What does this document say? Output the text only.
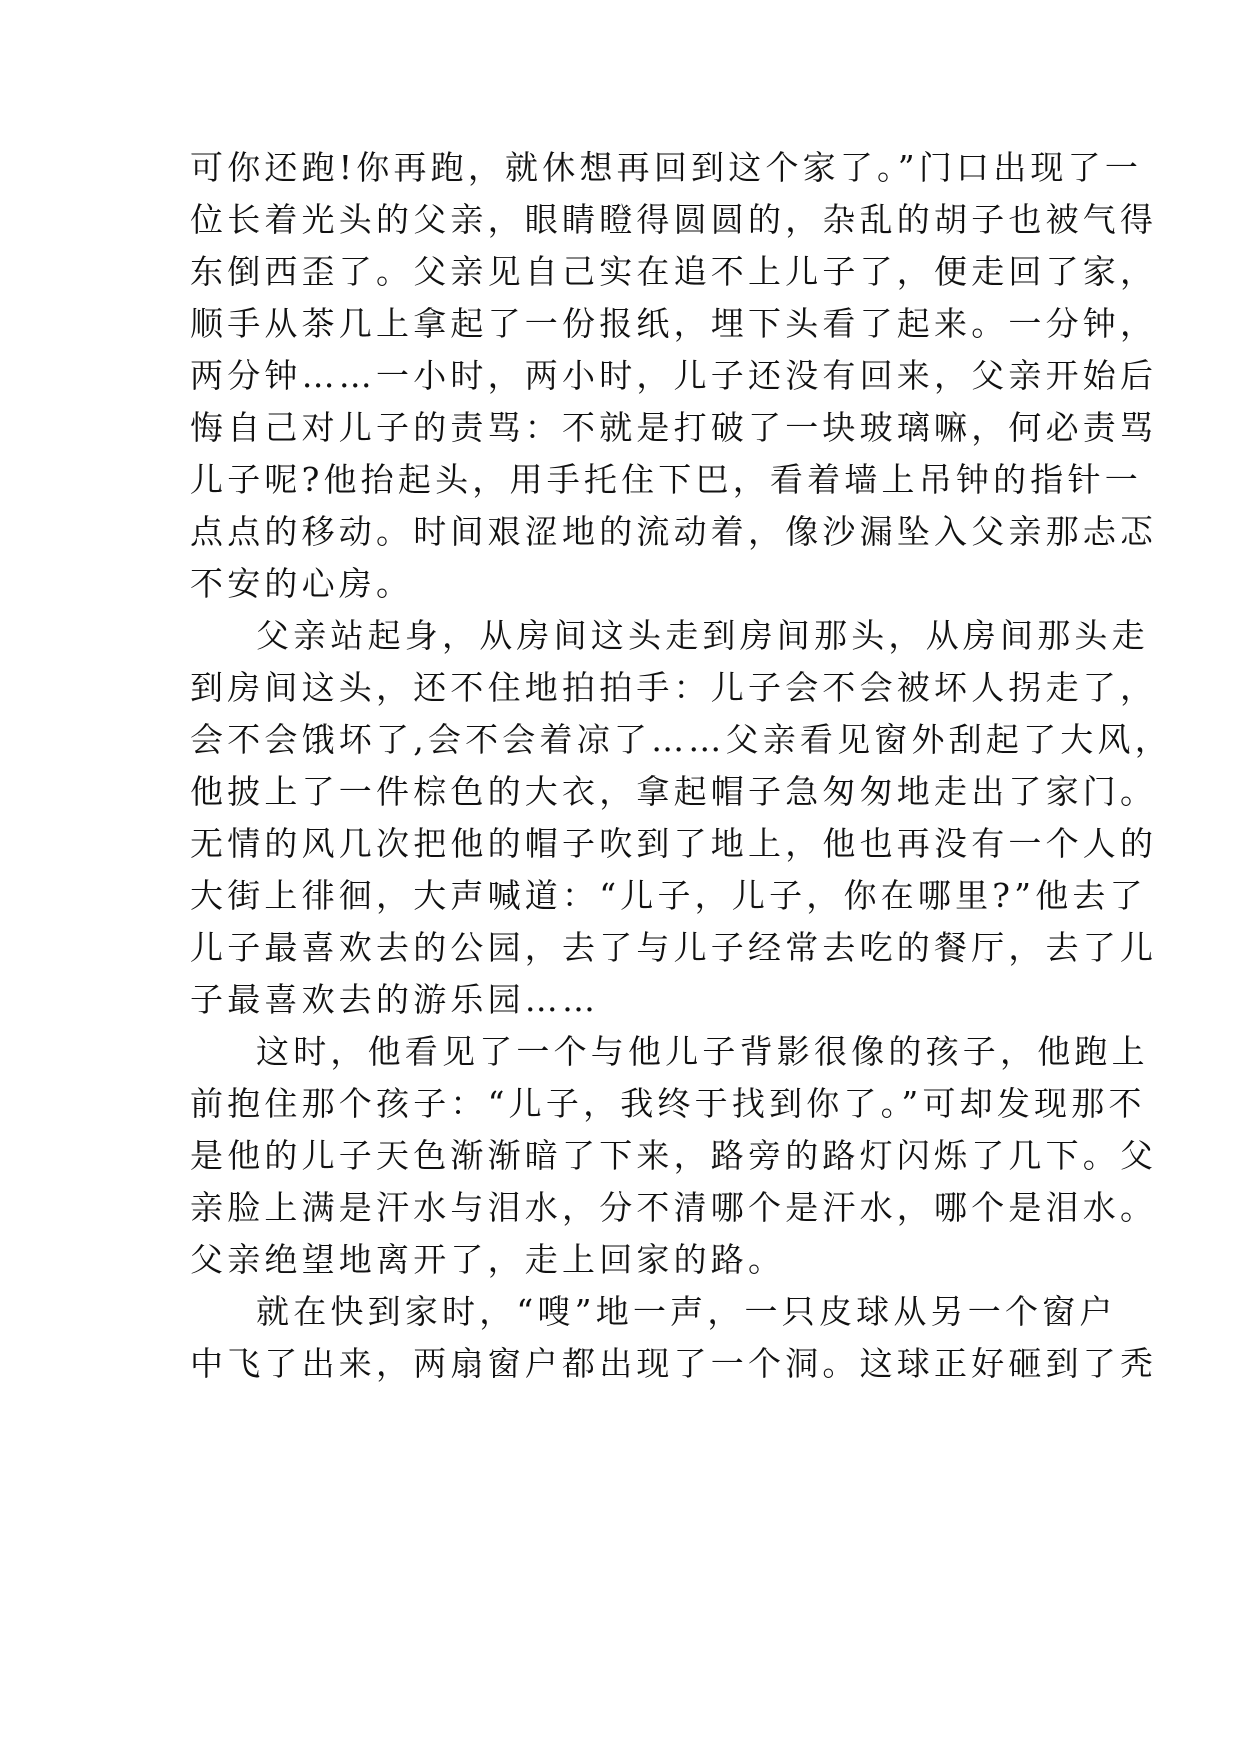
可你还跑!你再跑，就休想再回到这个家了。”门口出现了一
位长着光头的父亲，眼睛瞪得圆圆的，杂乱的胡子也被气得
东倒西歪了。父亲见自己实在追不上儿子了，便走回了家，
顺手从茶几上拿起了一份报纸，埋下头看了起来。一分钟，
两分钟……一小时，两小时，儿子还没有回来，父亲开始后
悔自己对儿子的责骂：不就是打破了一块玻璃嘛，何必责骂
儿子呢?他抬起头，用手托住下巴，看着墙上吊钟的指针一
点点的移动。时间艰涩地的流动着，像沙漏坠入父亲那忐忑
不安的心房。
父亲站起身，从房间这头走到房间那头，从房间那头走
到房间这头，还不住地拍拍手：儿子会不会被坏人拐走了，
会不会饿坏了,会不会着凉了……父亲看见窗外刮起了大风，
他披上了一件棕色的大衣，拿起帽子急匆匆地走出了家门。
无情的风几次把他的帽子吹到了地上，他也再没有一个人的
大街上徘徊，大声喊道：“儿子，儿子，你在哪里?”他去了
儿子最喜欢去的公园，去了与儿子经常去吃的餐厅，去了儿
子最喜欢去的游乐园……
这时，他看见了一个与他儿子背影很像的孩子，他跑上
前抱住那个孩子：“儿子，我终于找到你了。”可却发现那不
是他的儿子天色渐渐暗了下来，路旁的路灯闪烁了几下。父
亲脸上满是汗水与泪水，分不清哪个是汗水，哪个是泪水。
父亲绝望地离开了，走上回家的路。
就在快到家时，“嗖”地一声，一只皮球从另一个窗户
中飞了出来，两扇窗户都出现了一个洞。这球正好砸到了秃
